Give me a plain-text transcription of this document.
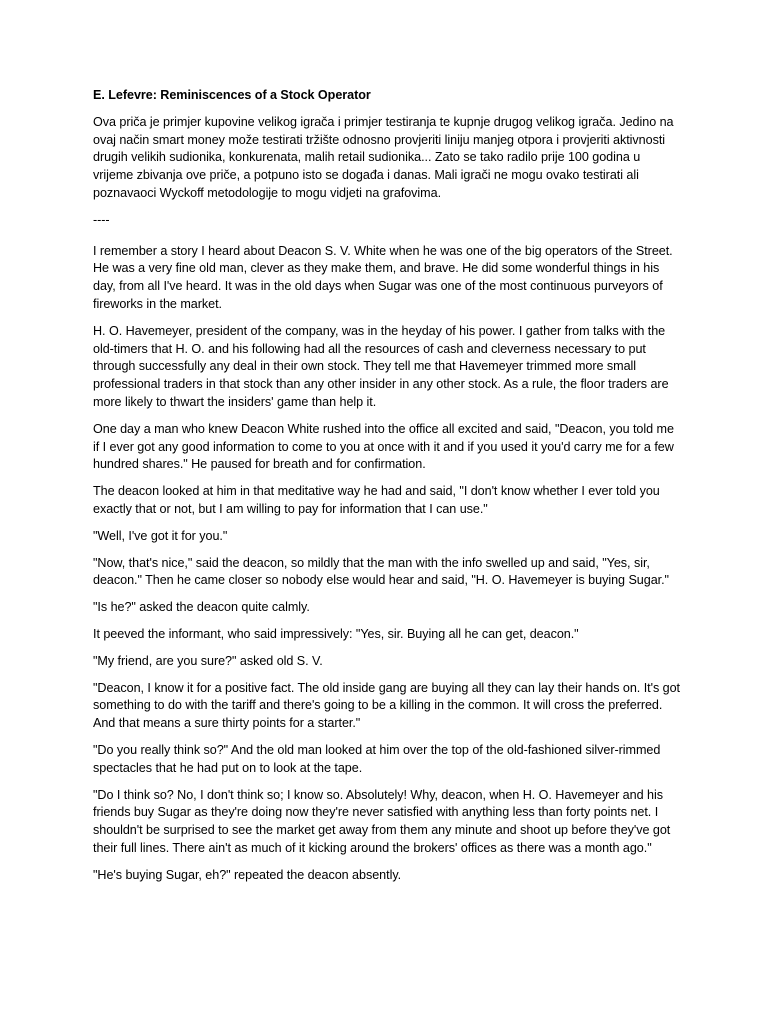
E. Lefevre: Reminiscences of a Stock Operator

Ova priča je primjer kupovine velikog igrača i primjer testiranja te kupnje drugog velikog igrača. Jedino na ovaj način smart money može testirati tržište odnosno provjeriti liniju manjeg otpora i provjeriti aktivnosti drugih velikih sudionika, konkurenata, malih retail sudionika... Zato se tako radilo prije 100 godina u vrijeme zbivanja ove priče, a potpuno isto se događa i danas. Mali igrači ne mogu ovako testirati ali poznavaoci Wyckoff metodologije to mogu vidjeti na grafovima.

----

I remember a story I heard about Deacon S. V. White when he was one of the big operators of the Street. He was a very fine old man, clever as they make them, and brave. He did some wonderful things in his day, from all I've heard. It was in the old days when Sugar was one of the most continuous purveyors of fireworks in the market.

H. O. Havemeyer, president of the company, was in the heyday of his power. I gather from talks with the old-timers that H. O. and his following had all the resources of cash and cleverness necessary to put through successfully any deal in their own stock. They tell me that Havemeyer trimmed more small professional traders in that stock than any other insider in any other stock. As a rule, the floor traders are more likely to thwart the insiders' game than help it.

One day a man who knew Deacon White rushed into the office all excited and said, "Deacon, you told me if I ever got any good information to come to you at once with it and if you used it you'd carry me for a few hundred shares." He paused for breath and for confirmation.

The deacon looked at him in that meditative way he had and said, "I don't know whether I ever told you exactly that or not, but I am willing to pay for information that I can use."

"Well, I've got it for you."

"Now, that's nice," said the deacon, so mildly that the man with the info swelled up and said, "Yes, sir, deacon." Then he came closer so nobody else would hear and said, "H. O. Havemeyer is buying Sugar."

"Is he?" asked the deacon quite calmly.

It peeved the informant, who said impressively: "Yes, sir. Buying all he can get, deacon."

"My friend, are you sure?" asked old S. V.

"Deacon, I know it for a positive fact. The old inside gang are buying all they can lay their hands on. It's got something to do with the tariff and there's going to be a killing in the common. It will cross the preferred. And that means a sure thirty points for a starter."

"Do you really think so?" And the old man looked at him over the top of the old-fashioned silver-rimmed spectacles that he had put on to look at the tape.

"Do I think so? No, I don't think so; I know so. Absolutely! Why, deacon, when H. O. Havemeyer and his friends buy Sugar as they're doing now they're never satisfied with anything less than forty points net. I shouldn't be surprised to see the market get away from them any minute and shoot up before they've got their full lines. There ain't as much of it kicking around the brokers' offices as there was a month ago."

"He's buying Sugar, eh?" repeated the deacon absently.
